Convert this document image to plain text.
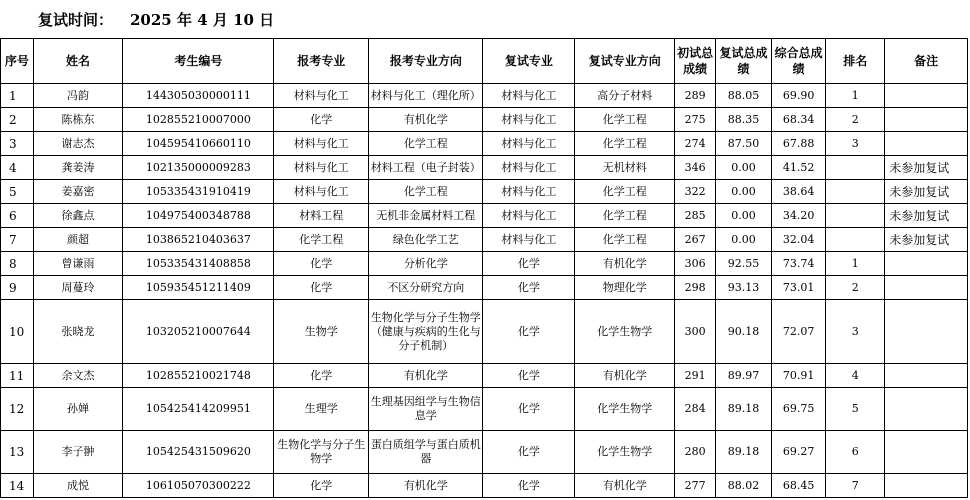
复试时间： 2025 年 4 月 10 日
序号	姓名	考生编号	报考专业	报考专业方向	复试专业	复试专业方向	初试总成绩	复试总成绩	综合总成绩	排名	备注
1	冯韵	144305030000111	材料与化工	材料与化工（理化所）	材料与化工	高分子材料	289	88.05	69.90	1	
2	陈栋东	102855210007000	化学	有机化学	材料与化工	化学工程	275	88.35	68.34	2	
3	谢志杰	104595410660110	材料与化工	化学工程	材料与化工	化学工程	274	87.50	67.88	3	
4	龚姜涛	102135000009283	材料与化工	材料工程（电子封装）	材料与化工	无机材料	346	0.00	41.52		未参加复试
5	姜嘉密	105335431910419	材料与化工	化学工程	材料与化工	化学工程	322	0.00	38.64		未参加复试
6	徐鑫点	104975400348788	材料工程	无机非金属材料工程	材料与化工	化学工程	285	0.00	34.20		未参加复试
7	颜超	103865210403637	化学工程	绿色化学工艺	材料与化工	化学工程	267	0.00	32.04		未参加复试
8	曾谦雨	105335431408858	化学	分析化学	化学	有机化学	306	92.55	73.74	1	
9	周蔓玲	105935451211409	化学	不区分研究方向	化学	物理化学	298	93.13	73.01	2	
10	张晓龙	103205210007644	生物学	生物化学与分子生物学（健康与疾病的生化与分子机制）	化学	化学生物学	300	90.18	72.07	3	
11	余文杰	102855210021748	化学	有机化学	化学	有机化学	291	89.97	70.91	4	
12	孙婵	105425414209951	生理学	生理基因组学与生物信息学	化学	化学生物学	284	89.18	69.75	5	
13	李子翀	105425431509620	生物化学与分子生物学	蛋白质组学与蛋白质机器	化学	化学生物学	280	89.18	69.27	6	
14	成悦	106105070300222	化学	有机化学	化学	有机化学	277	88.02	68.45	7	
